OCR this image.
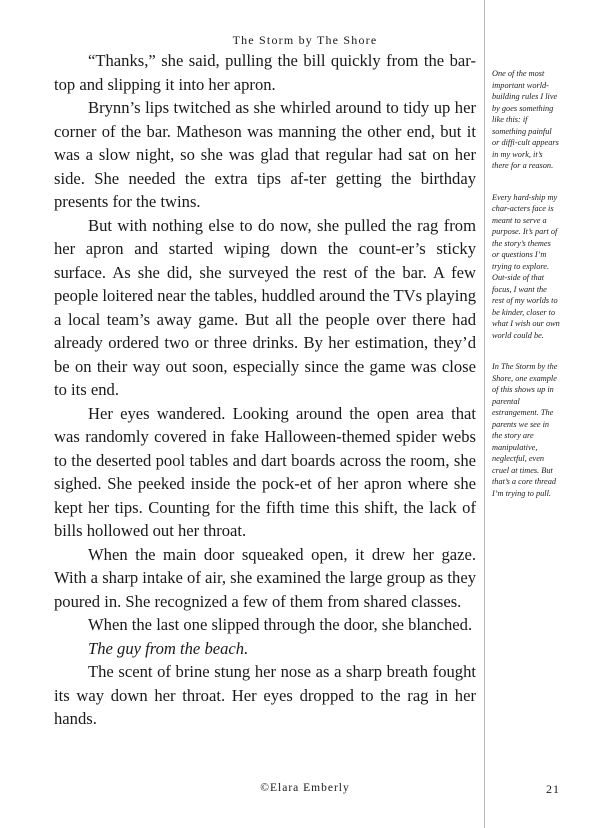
The Storm by The Shore

“Thanks,” she said, pulling the bill quickly from the bar-top and slipping it into her apron.

Brynn’s lips twitched as she whirled around to tidy up her corner of the bar. Matheson was manning the other end, but it was a slow night, so she was glad that regular had sat on her side. She needed the extra tips af-ter getting the birthday presents for the twins.

But with nothing else to do now, she pulled the rag from her apron and started wiping down the count-er’s sticky surface. As she did, she surveyed the rest of the bar. A few people loitered near the tables, huddled around the TVs playing a local team’s away game. But all the people over there had already ordered two or three drinks. By her estimation, they’d be on their way out soon, especially since the game was close to its end.

Her eyes wandered. Looking around the open area that was randomly covered in fake Halloween-themed spider webs to the deserted pool tables and dart boards across the room, she sighed. She peeked inside the pock-et of her apron where she kept her tips. Counting for the fifth time this shift, the lack of bills hollowed out her throat.

When the main door squeaked open, it drew her gaze. With a sharp intake of air, she examined the large group as they poured in. She recognized a few of them from shared classes.

When the last one slipped through the door, she blanched.

The guy from the beach.

The scent of brine stung her nose as a sharp breath fought its way down her throat. Her eyes dropped to the rag in her hands.

One of the most important world-building rules I live by goes something like this: if something painful or diffi-cult appears in my work, it’s there for a reason.

Every hard-ship my char-acters face is meant to serve a purpose. It’s part of the story’s themes or questions I’m trying to explore. Out-side of that focus, I want the rest of my worlds to be kinder, closer to what I wish our own world could be.

In The Storm by the Shore, one example of this shows up in parental estrangement. The parents we see in the story are manipulative, neglectful, even cruel at times. But that’s a core thread I’m trying to pull.

©Elara Emberly	21
